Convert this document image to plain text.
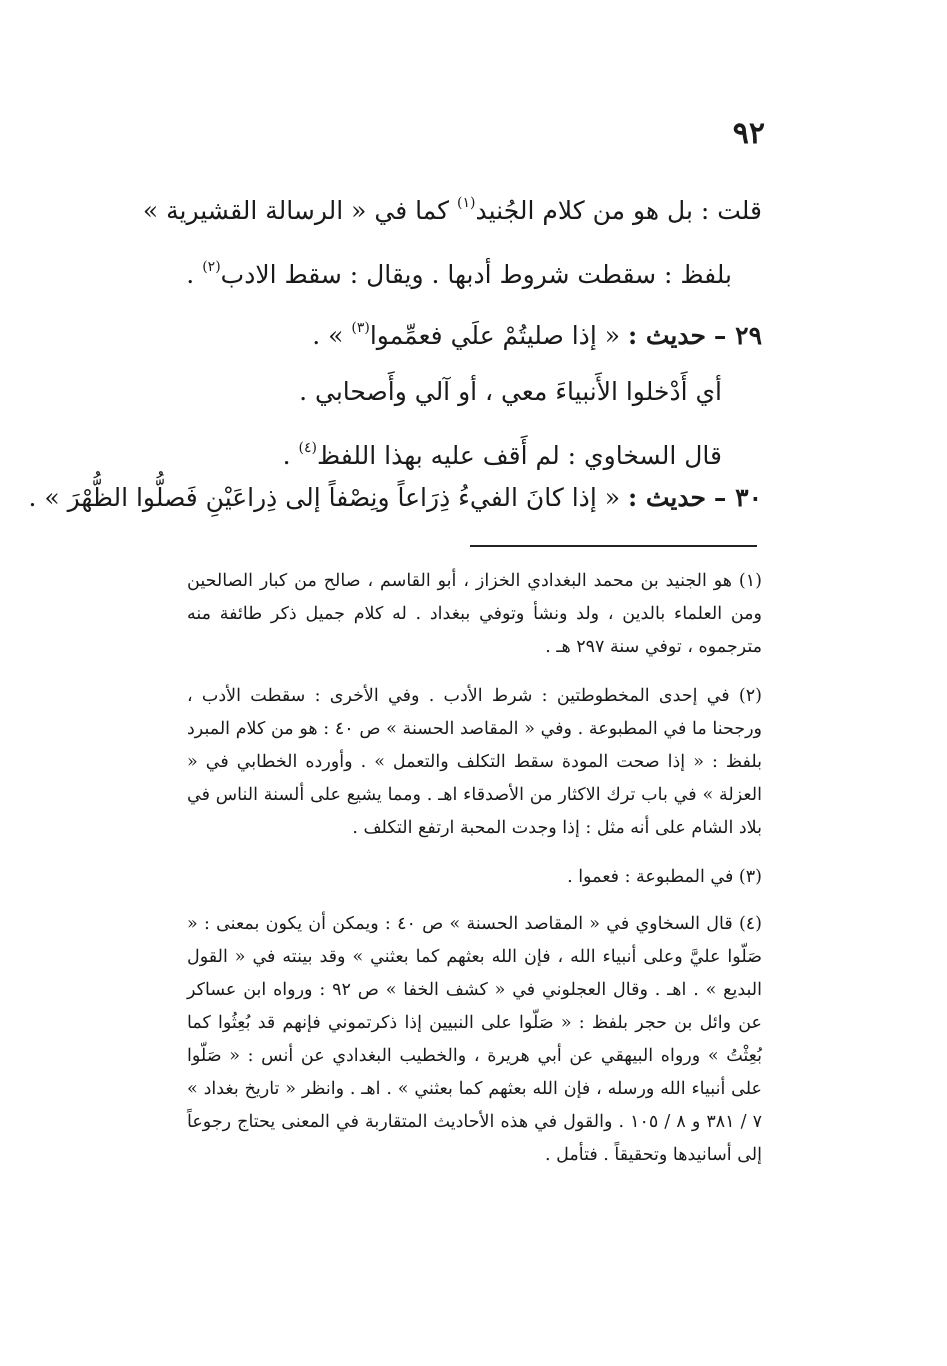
٩٢
قلت : بل هو من كلام الجُنيد$^{(١)}$ كما في « الرسالة القشيرية »
بلفظ : سقطت شروط أدبها . ويقال : سقط الادب$^{(٢)}$ .
٢٩ – حديث : « إذا صليتُمْ علَي فعمِّموا$^{(٣)}$ » .
أي أَدْخلوا الأَنبياءَ معي ، أو آلي وأَصحابي .
قال السخاوي : لم أَقف عليه بهذا اللفظ$^{(٤)}$ .
٣٠ – حديث : « إذا كانَ الفيءُ ذِرَاعاً ونِصْفاً إلى ذِراعَيْنِ فَصلُّوا الظُّهْرَ » .
(١) هو الجنيد بن محمد البغدادي الخزاز ، أبو القاسم ، صالح من كبار الصالحين ومن العلماء بالدين ، ولد ونشأ وتوفي ببغداد . له كلام جميل ذكر طائفة منه مترجموه ، توفي سنة ٢٩٧ هـ .
(٢) في إحدى المخطوطتين : شرط الأدب . وفي الأخرى : سقطت الأدب ، ورجحنا ما في المطبوعة . وفي « المقاصد الحسنة » ص ٤٠ : هو من كلام المبرد بلفظ : « إذا صحت المودة سقط التكلف والتعمل » . وأورده الخطابي في « العزلة » في باب ترك الاكثار من الأصدقاء اهـ . ومما يشيع على ألسنة الناس في بلاد الشام على أنه مثل : إذا وجدت المحبة ارتفع التكلف .
(٣) في المطبوعة : فعموا .
(٤) قال السخاوي في « المقاصد الحسنة » ص ٤٠ : ويمكن أن يكون بمعنى : « صَلّوا عليَّ وعلى أنبياء الله ، فإن الله بعثهم كما بعثني » وقد بينته في « القول البديع » . اهـ . وقال العجلوني في « كشف الخفا » ص ٩٢ : ورواه ابن عساكر عن وائل بن حجر بلفظ : « صَلّوا على النبيين إذا ذكرتموني فإنهم قد بُعِثُوا كما بُعِثْتُ » ورواه البيهقي عن أبي هريرة ، والخطيب البغدادي عن أنس : « صَلّوا على أنبياء الله ورسله ، فإن الله بعثهم كما بعثني » . اهـ . وانظر « تاريخ بغداد » ٧ / ٣٨١ و ٨ / ١٠٥ . والقول في هذه الأحاديث المتقاربة في المعنى يحتاج رجوعاً إلى أسانيدها وتحقيقاً . فتأمل .
